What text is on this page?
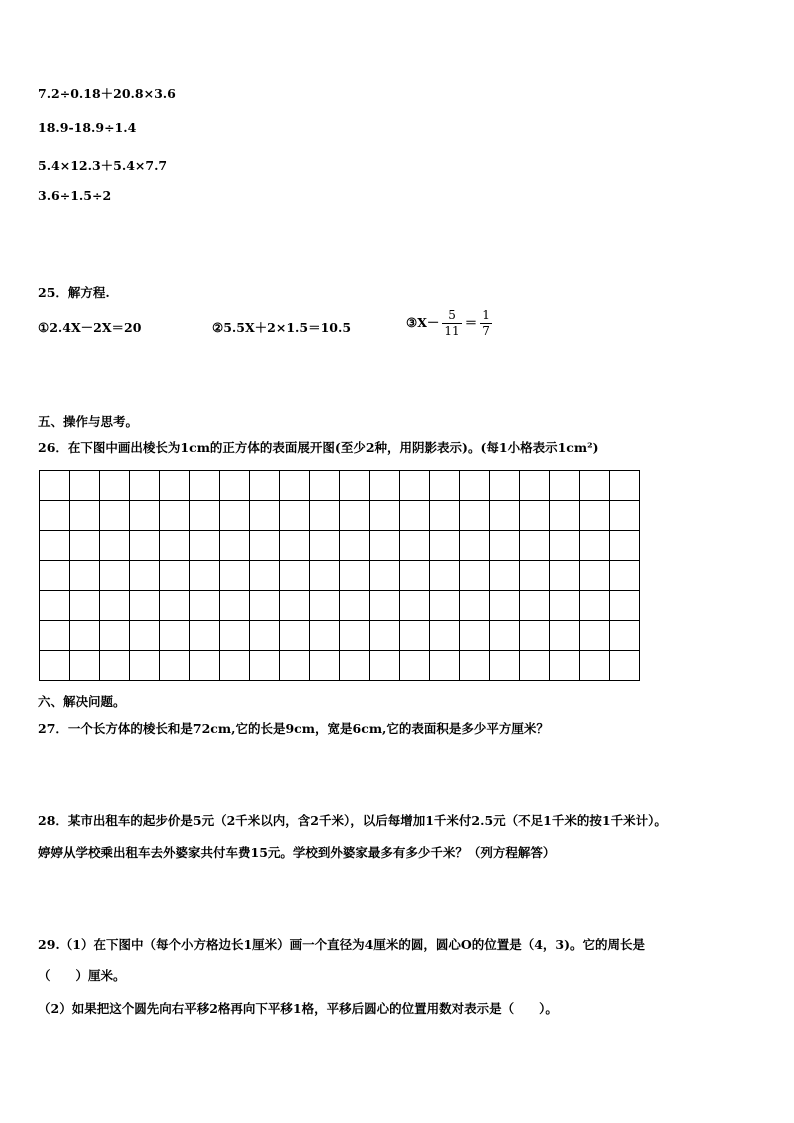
7.2÷0.18＋20.8×3.6
18.9-18.9÷1.4
5.4×12.3＋5.4×7.7
3.6÷1.5÷2
25．解方程.
①2.4X－2X＝20	②5.5X＋2×1.5＝10.5	③X－ $\frac{5}{11} = \frac{1}{7}$
五、操作与思考。
26．在下图中画出棱长为1cm的正方体的表面展开图(至少2种，用阴影表示)。(每1小格表示1cm²)
六、解决问题。
27．一个长方体的棱长和是72cm,它的长是9cm，宽是6cm,它的表面积是多少平方厘米？
28．某市出租车的起步价是5元（2千米以内，含2千米），以后每增加1千米付2.5元（不足1千米的按1千米计）。
婷婷从学校乘出租车去外婆家共付车费15元。学校到外婆家最多有多少千米？（列方程解答）
29.（1）在下图中（每个小方格边长1厘米）画一个直径为4厘米的圆，圆心O的位置是（4，3)。它的周长是
（　　）厘米。
（2）如果把这个圆先向右平移2格再向下平移1格，平移后圆心的位置用数对表示是（　　）。
